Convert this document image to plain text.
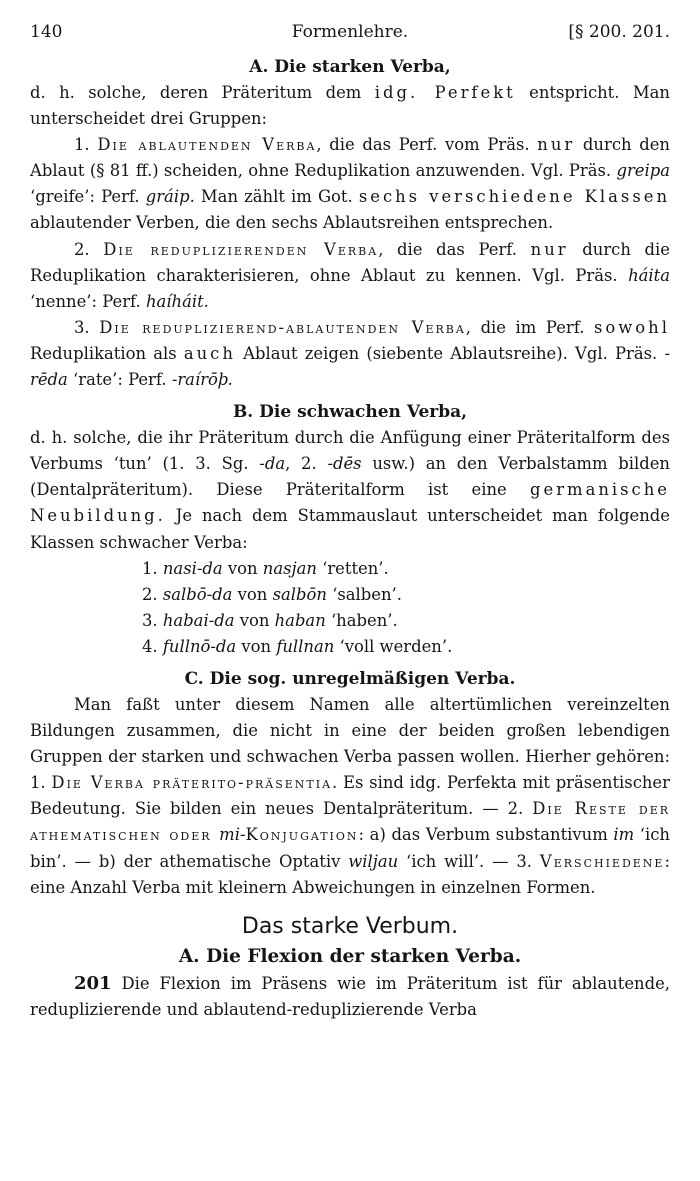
140	Formenlehre.	[§ 200. 201.

A. Die starken Verba,

d. h. solche, deren Präteritum dem idg. Perfekt entspricht. Man unterscheidet drei Gruppen:

1. Die ablautenden Verba, die das Perf. vom Präs. nur durch den Ablaut (§ 81 ff.) scheiden, ohne Reduplikation anzuwenden. Vgl. Präs. greipa ‘greife’: Perf. gráip. Man zählt im Got. sechs verschiedene Klassen ablautender Verben, die den sechs Ablautsreihen entsprechen.

2. Die reduplizierenden Verba, die das Perf. nur durch die Reduplikation charakterisieren, ohne Ablaut zu kennen. Vgl. Präs. háita ‘nenne’: Perf. haíháit.

3. Die reduplizierend-ablautenden Verba, die im Perf. sowohl Reduplikation als auch Ablaut zeigen (siebente Ablautsreihe). Vgl. Präs. -rēda ‘rate’: Perf. -raírōþ.

B. Die schwachen Verba,

d. h. solche, die ihr Präteritum durch die Anfügung einer Präteritalform des Verbums ‘tun’ (1. 3. Sg. -da, 2. -dēs usw.) an den Verbalstamm bilden (Dentalpräteritum). Diese Präteritalform ist eine germanische Neubildung. Je nach dem Stammauslaut unterscheidet man folgende Klassen schwacher Verba:

1. nasi-da von nasjan ‘retten’.
2. salbō-da von salbōn ‘salben’.
3. habai-da von haban ‘haben’.
4. fullnō-da von fullnan ‘voll werden’.

C. Die sog. unregelmäßigen Verba.

Man faßt unter diesem Namen alle altertümlichen vereinzelten Bildungen zusammen, die nicht in eine der beiden großen lebendigen Gruppen der starken und schwachen Verba passen wollen. Hierher gehören: 1. Die Verba präterito-präsentia. Es sind idg. Perfekta mit präsentischer Bedeutung. Sie bilden ein neues Dentalpräteritum. — 2. Die Reste der athematischen oder mi-Konjugation: a) das Verbum substantivum im ‘ich bin’. — b) der athematische Optativ wiljau ‘ich will’. — 3. Verschiedene: eine Anzahl Verba mit kleinern Abweichungen in einzelnen Formen.

Das starke Verbum.

A. Die Flexion der starken Verba.

201 Die Flexion im Präsens wie im Präteritum ist für ablautende, reduplizierende und ablautend-reduplizierende Verba
